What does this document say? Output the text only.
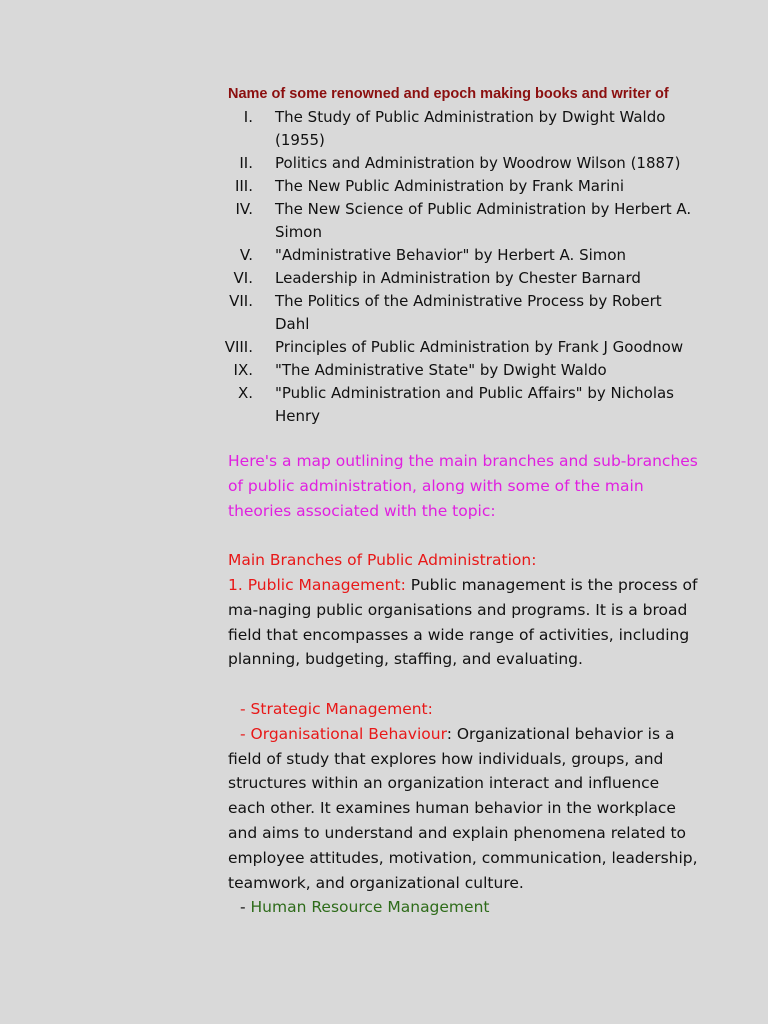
Name of some renowned and epoch making books and writer of
I. The Study of Public Administration by Dwight Waldo (1955)
II. Politics and Administration by Woodrow Wilson (1887)
III. The New Public Administration by Frank Marini
IV. The New Science of Public Administration by Herbert A. Simon
V. "Administrative Behavior" by Herbert A. Simon
VI. Leadership in Administration by Chester Barnard
VII. The Politics of the Administrative Process by Robert Dahl
VIII. Principles of Public Administration by Frank J Goodnow
IX. "The Administrative State" by Dwight Waldo
X. "Public Administration and Public Affairs" by Nicholas Henry

Here's a map outlining the main branches and sub-branches of public administration, along with some of the main theories associated with the topic:

Main Branches of Public Administration:

1. Public Management: Public management is the process of ma-naging public organisations and programs. It is a broad field that encompasses a wide range of activities, including planning, budgeting, staffing, and evaluating.

- Strategic Management:

- Organisational Behaviour: Organizational behavior is a field of study that explores how individuals, groups, and structures within an organization interact and influence each other. It examines human behavior in the workplace and aims to understand and explain phenomena related to employee attitudes, motivation, communication, leadership, teamwork, and organizational culture.

- Human Resource Management
